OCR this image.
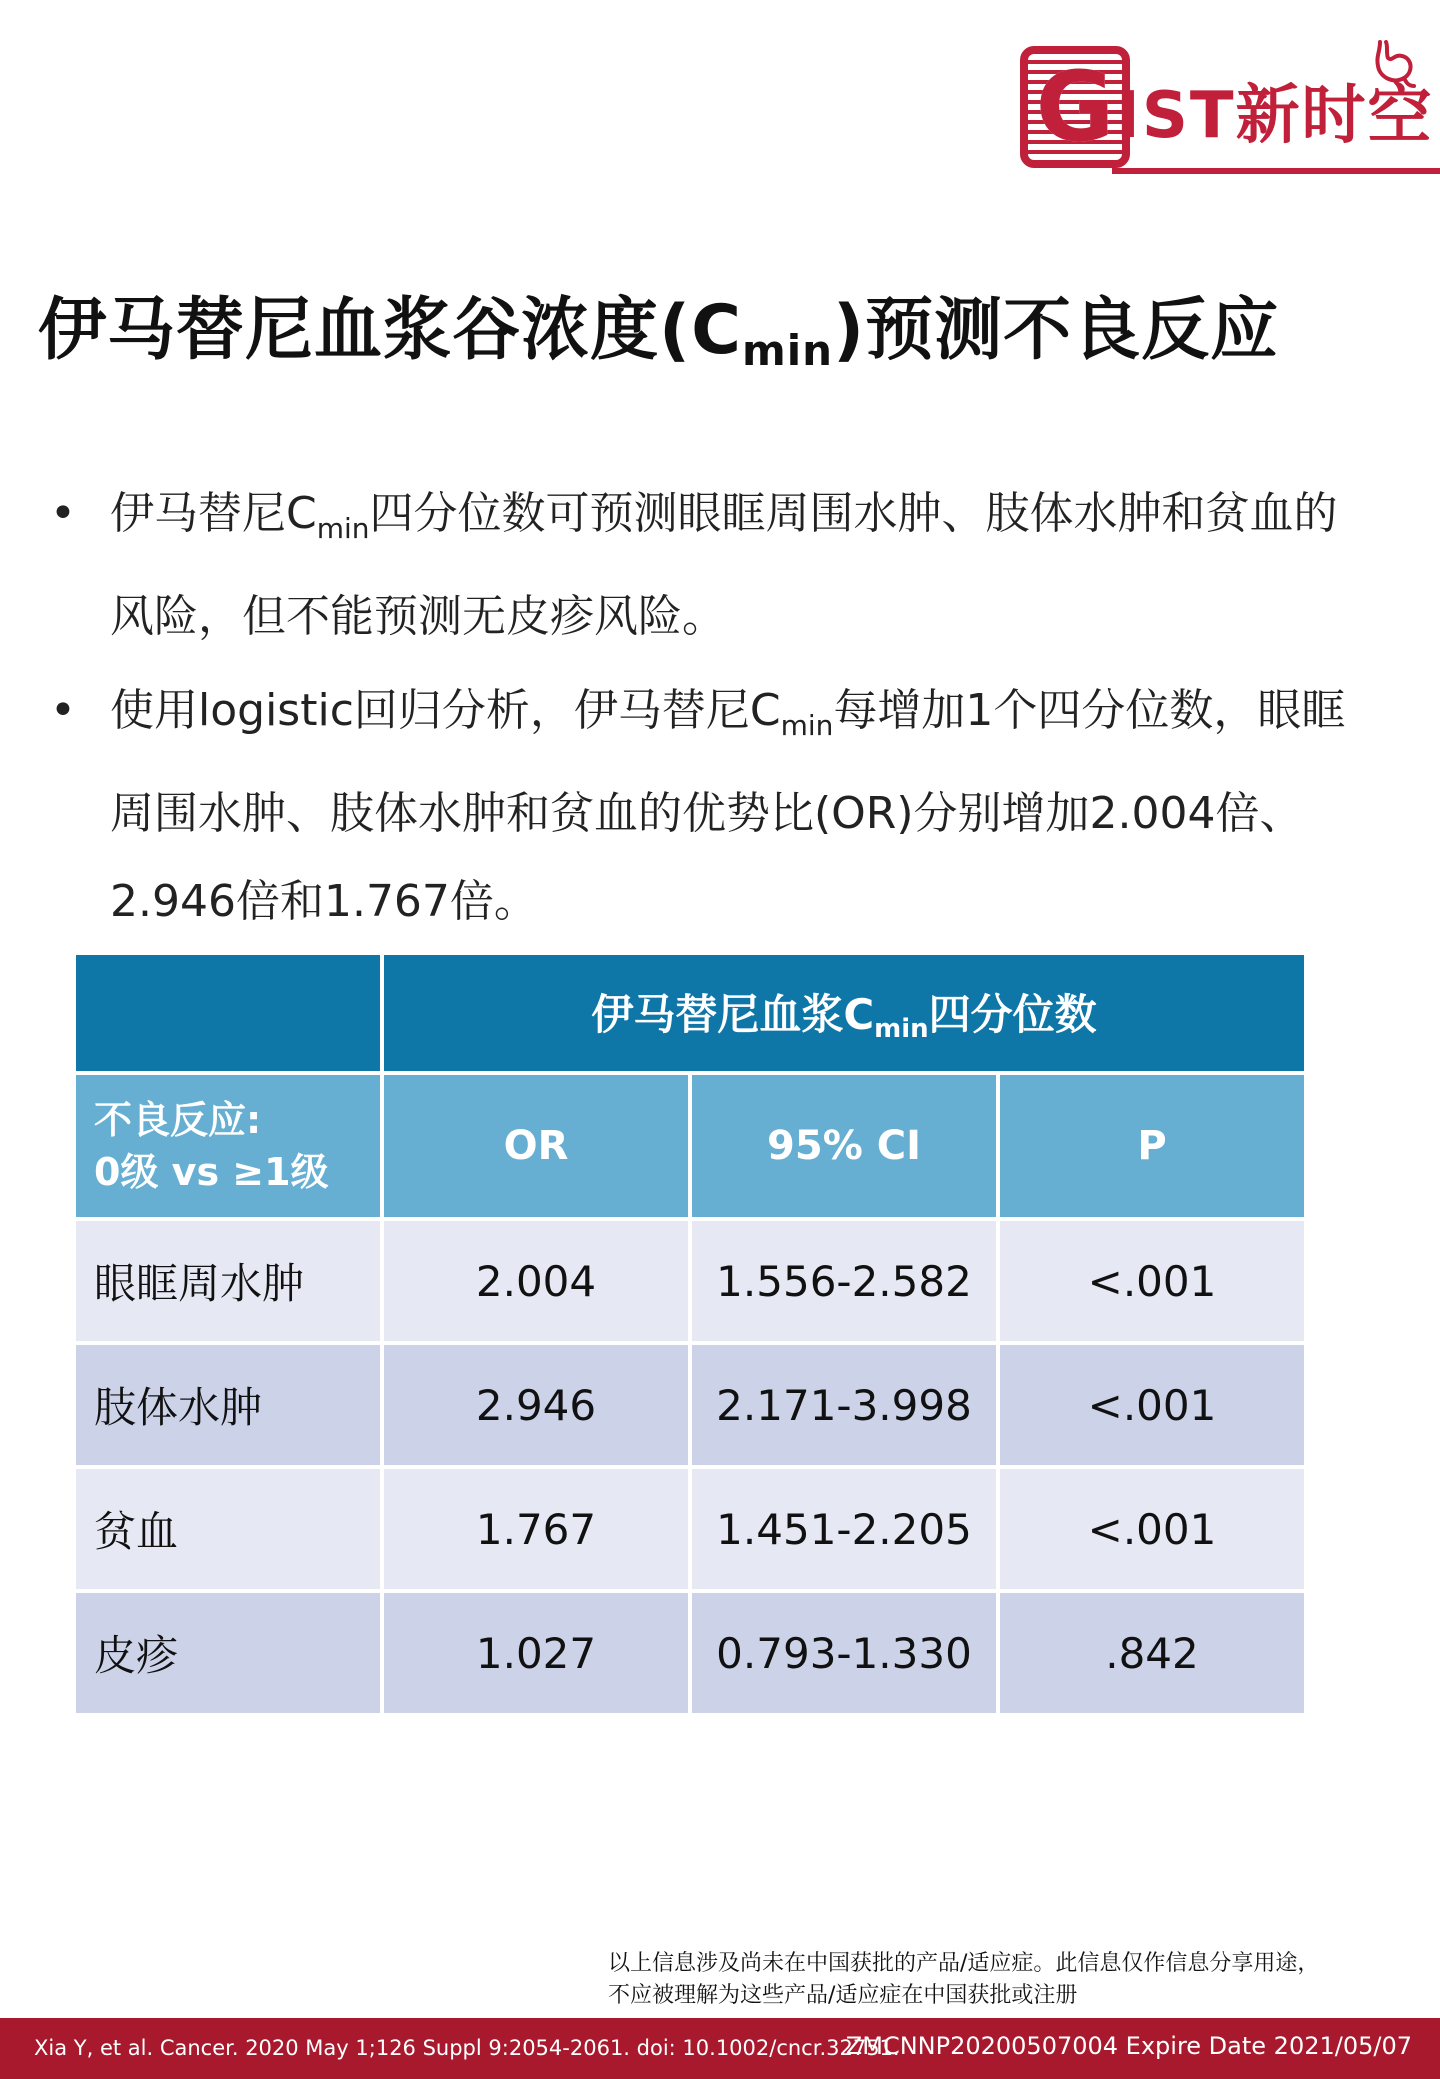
G IST新时空
伊马替尼血浆谷浓度$(C_{min})$预测不良反应
• 伊马替尼$C_{min}$四分位数可预测眼眶周围水肿、肢体水肿和贫血的风险，但不能预测无皮疹风险。
• 使用logistic回归分析，伊马替尼$C_{min}$每增加1个四分位数，眼眶周围水肿、肢体水肿和贫血的优势比(OR)分别增加2.004倍、2.946倍和1.767倍。
	伊马替尼血浆$C_{min}$四分位数		

不良反应:
0级 vs ≥1级	OR	95% CI	P
眼眶周水肿	2.004	1.556-2.582	<.001
肢体水肿	2.946	2.171-3.998	<.001
贫血	1.767	1.451-2.205	<.001
皮疹	1.027	0.793-1.330	.842
以上信息涉及尚未在中国获批的产品/适应症。此信息仅作信息分享用途，
不应被理解为这些产品/适应症在中国获批或注册
Xia Y, et al. Cancer. 2020 May 1;126 Suppl 9:2054-2061. doi: 10.1002/cncr.32751.
ZMCNNP20200507004 Expire Date 2021/05/07
